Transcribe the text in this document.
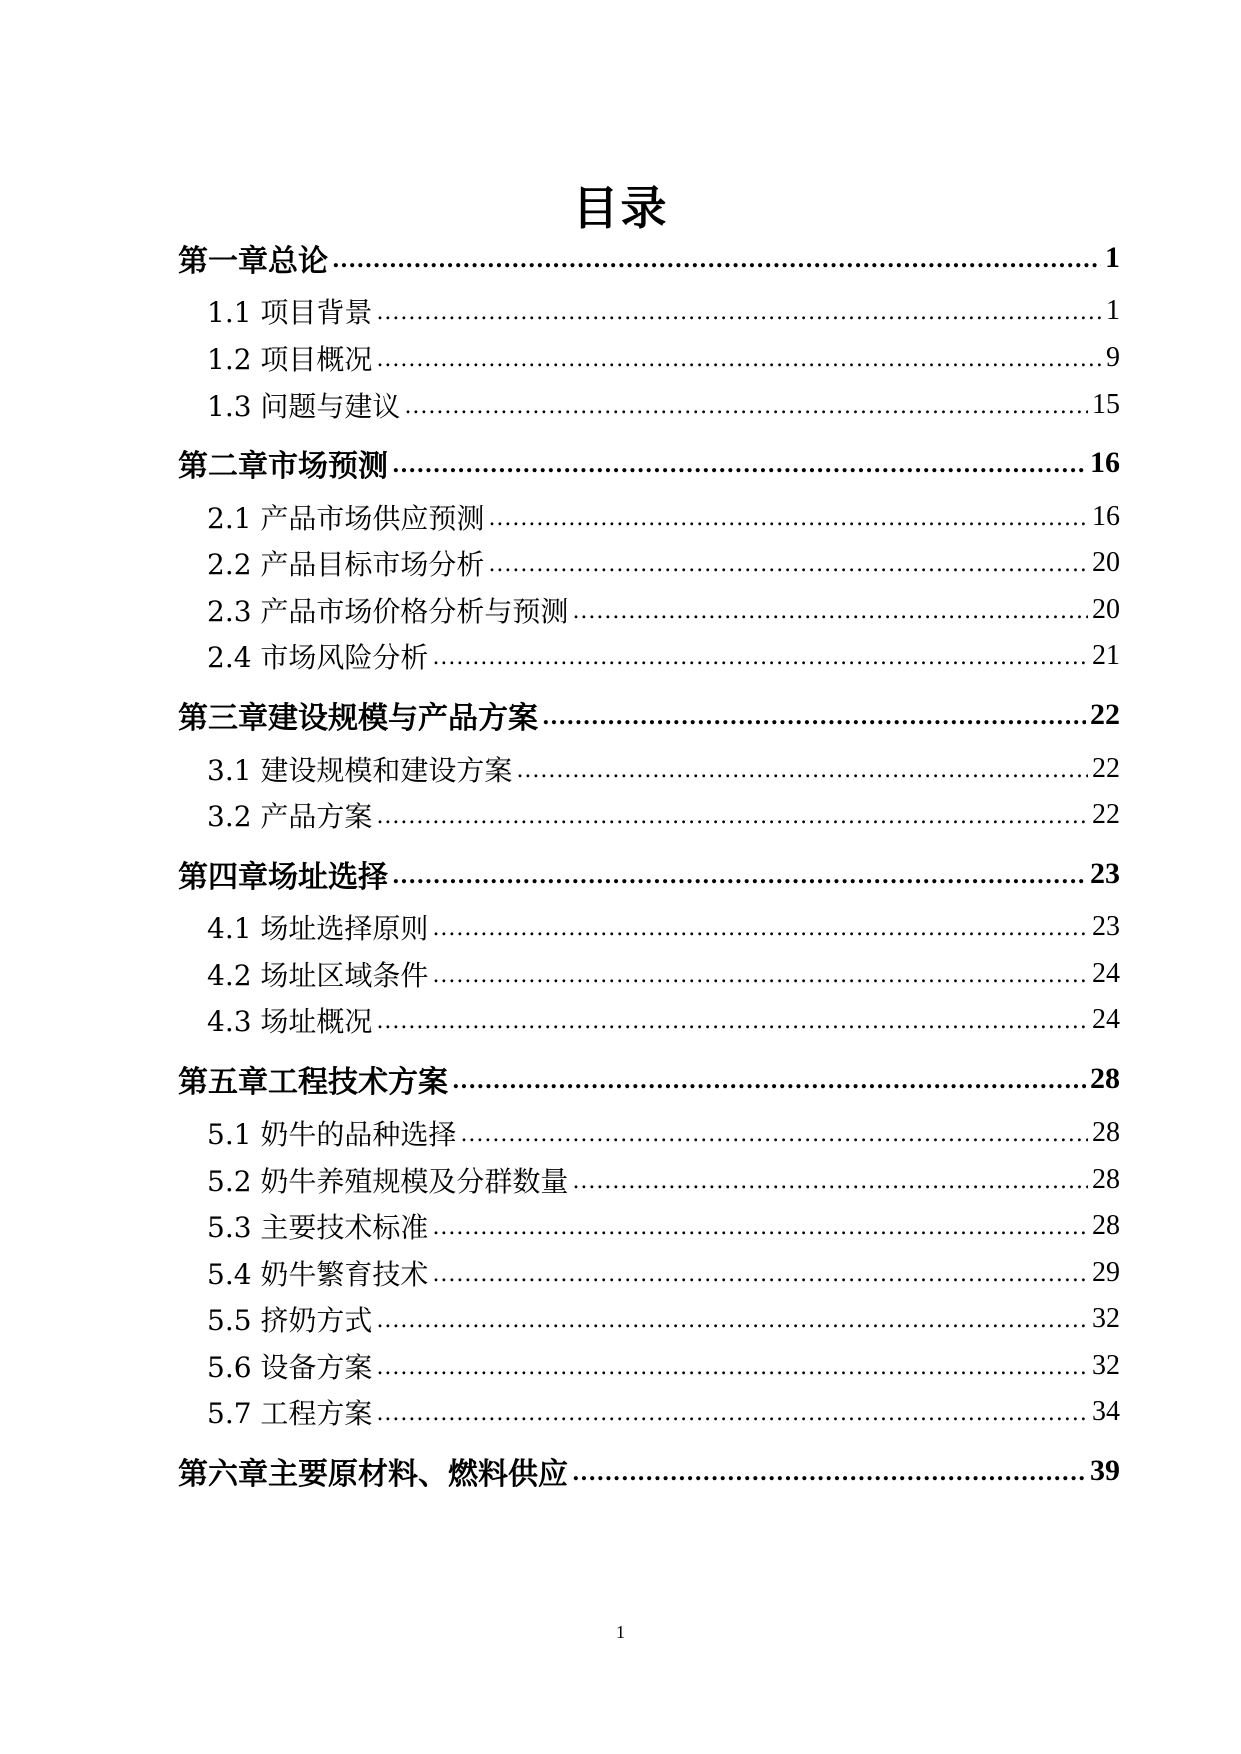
目录
第一章总论 .....	1
1.1 项目背景 .....	1
1.2 项目概况 .....	9
1.3 问题与建议 .....	15
第二章市场预测 .....	16
2.1 产品市场供应预测 .....	16
2.2 产品目标市场分析 .....	20
2.3 产品市场价格分析与预测 .....	20
2.4 市场风险分析 .....	21
第三章建设规模与产品方案 .....	22
3.1 建设规模和建设方案 .....	22
3.2 产品方案 .....	22
第四章场址选择 .....	23
4.1 场址选择原则 .....	23
4.2 场址区域条件 .....	24
4.3 场址概况 .....	24
第五章工程技术方案 .....	28
5.1 奶牛的品种选择 .....	28
5.2 奶牛养殖规模及分群数量 .....	28
5.3 主要技术标准 .....	28
5.4 奶牛繁育技术 .....	29
5.5 挤奶方式 .....	32
5.6 设备方案 .....	32
5.7 工程方案 .....	34
第六章主要原材料、燃料供应 .....	39
1
